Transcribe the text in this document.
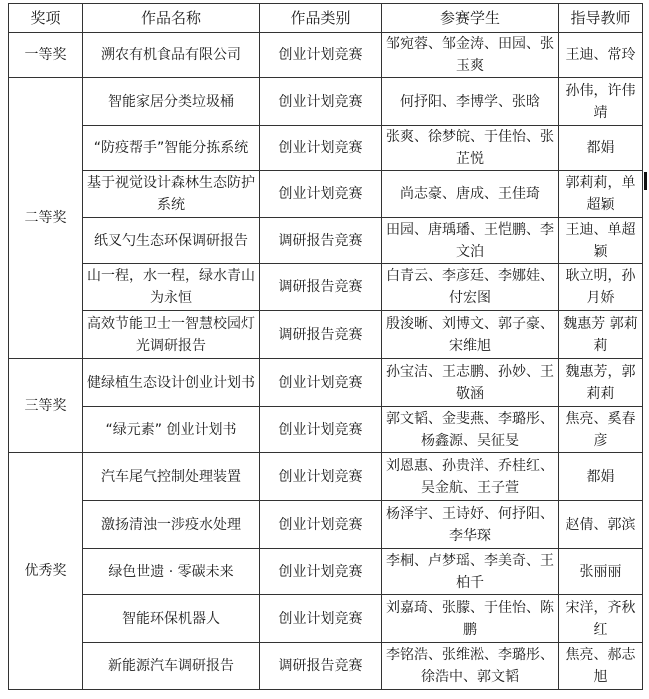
奖项	作品名称	作品类别	参赛学生	指导教师
一等奖	溯农有机食品有限公司	创业计划竞赛	邹宛蓉、邹金涛、田园、张玉爽	王迪、常玲
二等奖	智能家居分类垃圾桶	创业计划竞赛	何抒阳、李博学、张晗	孙伟，许伟靖
	“防疫帮手”智能分拣系统	创业计划竞赛	张爽、徐梦皖、于佳怡、张芷悦	都娟
	基于视觉设计森林生态防护系统	创业计划竞赛	尚志豪、唐成、王佳琦	郭莉莉，单超颖
	纸叉勺生态环保调研报告	调研报告竞赛	田园、唐瑀璠、王恺鹏、李文泊	王迪、单超颖
	山一程，水一程，绿水青山为永恒	调研报告竞赛	白青云、李彦廷、李娜娃、付宏图	耿立明，孙月娇
	高效节能卫士一智慧校园灯光调研报告	调研报告竞赛	殷浚晰、刘博文、郭子豪、宋维旭	魏惠芳 郭莉莉
三等奖	健绿植生态设计创业计划书	创业计划竞赛	孙宝洁、王志鹏、孙妙、王敬涵	魏惠芳，郭莉莉
	“绿元素” 创业计划书	创业计划竞赛	郭文韬、金斐燕、李璐彤、杨鑫源、吴征旻	焦亮、奚春彦
优秀奖	汽车尾气控制处理装置	创业计划竞赛	刘恩惠、孙贵洋、乔桂红、吴金航、王子萱	都娟
	激扬清浊一涉疫水处理	创业计划竞赛	杨泽宇、王诗妤、何抒阳、李华琛	赵倩、郭滨
	绿色世遗 · 零碳未来	创业计划竞赛	李桐、卢梦瑶、李美奇、王柏千	张丽丽
	智能环保机器人	创业计划竞赛	刘嘉琦、张朦、于佳怡、陈鹏	宋洋，齐秋红
	新能源汽车调研报告	调研报告竞赛	李铭浩、张维淞、李璐彤、徐浩中、郭文韬	焦亮、郝志旭
